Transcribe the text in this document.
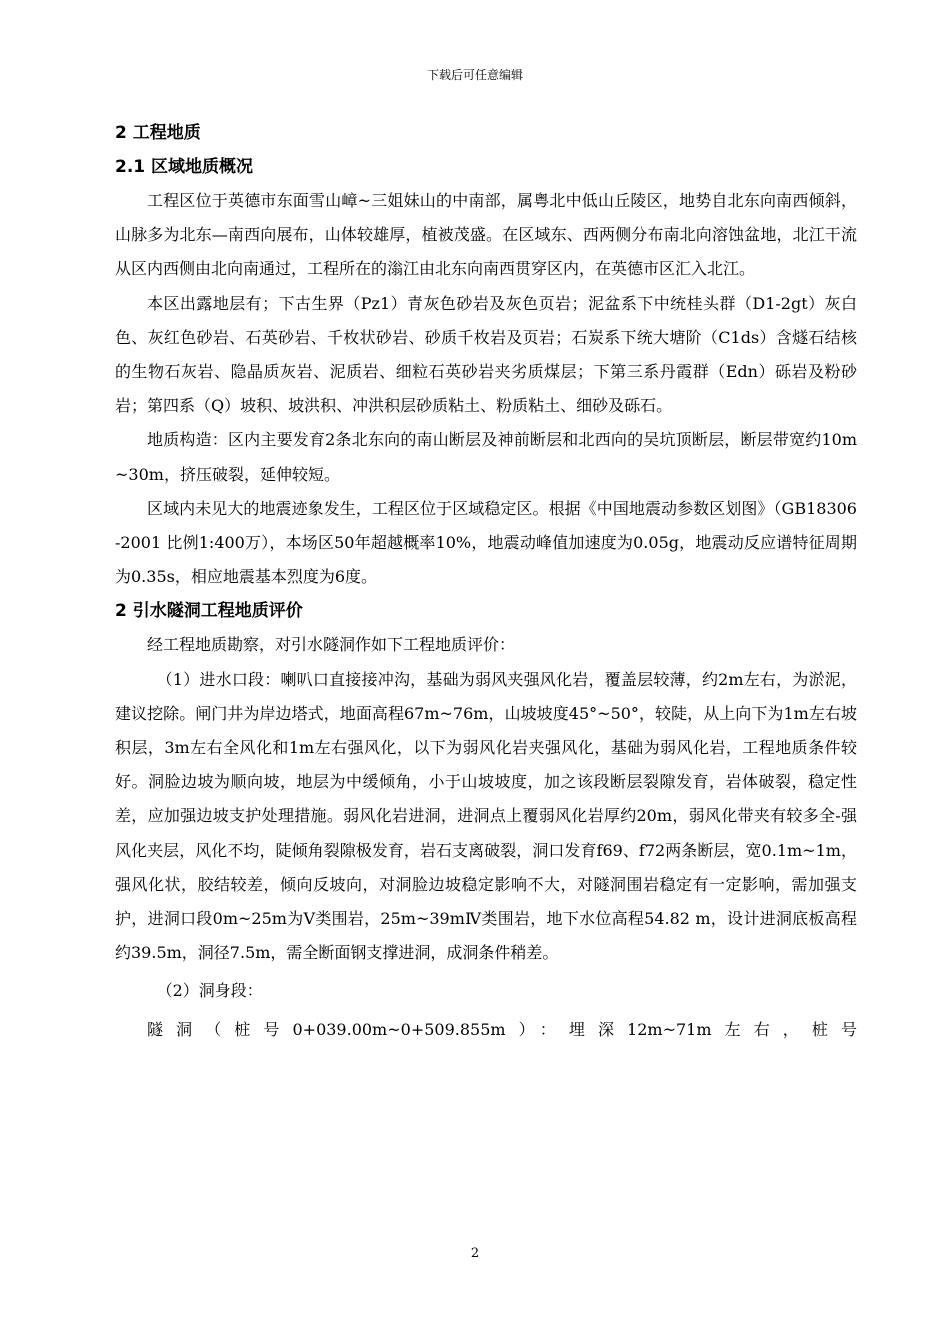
下载后可任意编辑
2 工程地质
2.1 区域地质概况

工程区位于英德市东面雪山嶂~三姐妹山的中南部，属粤北中低山丘陵区，地势自北东向南西倾斜，山脉多为北东—南西向展布，山体较雄厚，植被茂盛。在区域东、西两侧分布南北向溶蚀盆地，北江干流从区内西侧由北向南通过，工程所在的滃江由北东向南西贯穿区内，在英德市区汇入北江。

本区出露地层有；下古生界（Pz1）青灰色砂岩及灰色页岩；泥盆系下中统桂头群（D1-2gt）灰白色、灰红色砂岩、石英砂岩、千枚状砂岩、砂质千枚岩及页岩；石炭系下统大塘阶（C1ds）含燧石结核的生物石灰岩、隐晶质灰岩、泥质岩、细粒石英砂岩夹劣质煤层；下第三系丹霞群（Edn）砾岩及粉砂岩；第四系（Q）坡积、坡洪积、冲洪积层砂质粘土、粉质粘土、细砂及砾石。

地质构造：区内主要发育2条北东向的南山断层及神前断层和北西向的吴坑顶断层，断层带宽约10m~30m，挤压破裂，延伸较短。

区域内未见大的地震迹象发生，工程区位于区域稳定区。根据《中国地震动参数区划图》（GB18306-2001 比例1:400万），本场区50年超越概率10%，地震动峰值加速度为0.05g，地震动反应谱特征周期为0.35s，相应地震基本烈度为6度。

2 引水隧洞工程地质评价

经工程地质勘察，对引水隧洞作如下工程地质评价：

（1）进水口段：喇叭口直接接冲沟，基础为弱风夹强风化岩，覆盖层较薄，约2m左右，为淤泥，建议挖除。闸门井为岸边塔式，地面高程67m~76m，山坡坡度45°~50°，较陡，从上向下为1m左右坡积层，3m左右全风化和1m左右强风化，以下为弱风化岩夹强风化，基础为弱风化岩，工程地质条件较好。洞脸边坡为顺向坡，地层为中缓倾角，小于山坡坡度，加之该段断层裂隙发育，岩体破裂，稳定性差，应加强边坡支护处理措施。弱风化岩进洞，进洞点上覆弱风化岩厚约20m，弱风化带夹有较多全-强风化夹层，风化不均，陡倾角裂隙极发育，岩石支离破裂，洞口发育f69、f72两条断层，宽0.1m~1m，强风化状，胶结较差，倾向反坡向，对洞脸边坡稳定影响不大，对隧洞围岩稳定有一定影响，需加强支护，进洞口段0m~25m为Ⅴ类围岩，25m~39mⅣ类围岩，地下水位高程54.82 m，设计进洞底板高程约39.5m，洞径7.5m，需全断面钢支撑进洞，成洞条件稍差。

（2）洞身段：

隧洞（桩号0+039.00m~0+509.855m）：埋深12m~71m左右，桩号

2
